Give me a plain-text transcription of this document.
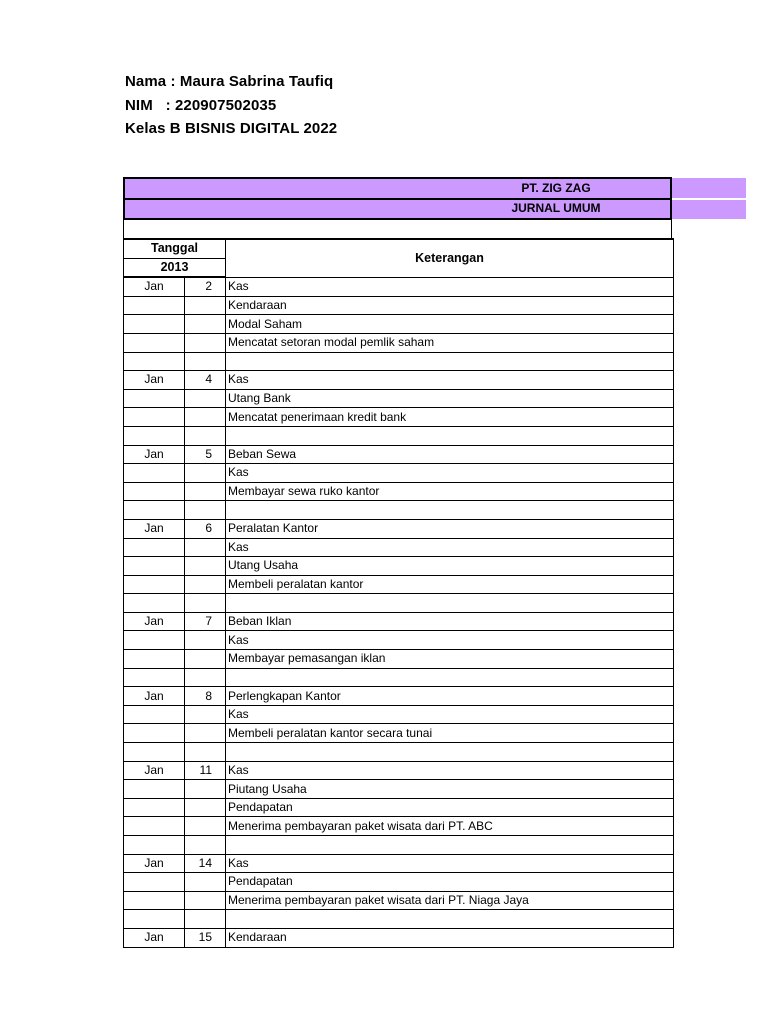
Nama : Maura Sabrina Taufiq
NIM   : 220907502035
Kelas B BISNIS DIGITAL 2022
PT. ZIG ZAG
JURNAL UMUM
Tanggal		Keterangan
2013		
Jan	2	Kas
		Kendaraan
		Modal Saham
		Mencatat setoran modal pemlik saham

Jan	4	Kas
		Utang Bank
		Mencatat penerimaan kredit bank

Jan	5	Beban Sewa
		Kas
		Membayar sewa ruko kantor

Jan	6	Peralatan Kantor
		Kas
		Utang Usaha
		Membeli peralatan kantor

Jan	7	Beban Iklan
		Kas
		Membayar pemasangan iklan

Jan	8	Perlengkapan Kantor
		Kas
		Membeli peralatan kantor secara tunai

Jan	11	Kas
		Piutang Usaha
		Pendapatan
		Menerima pembayaran paket wisata dari PT. ABC

Jan	14	Kas
		Pendapatan
		Menerima pembayaran paket wisata dari PT. Niaga Jaya

Jan	15	Kendaraan
